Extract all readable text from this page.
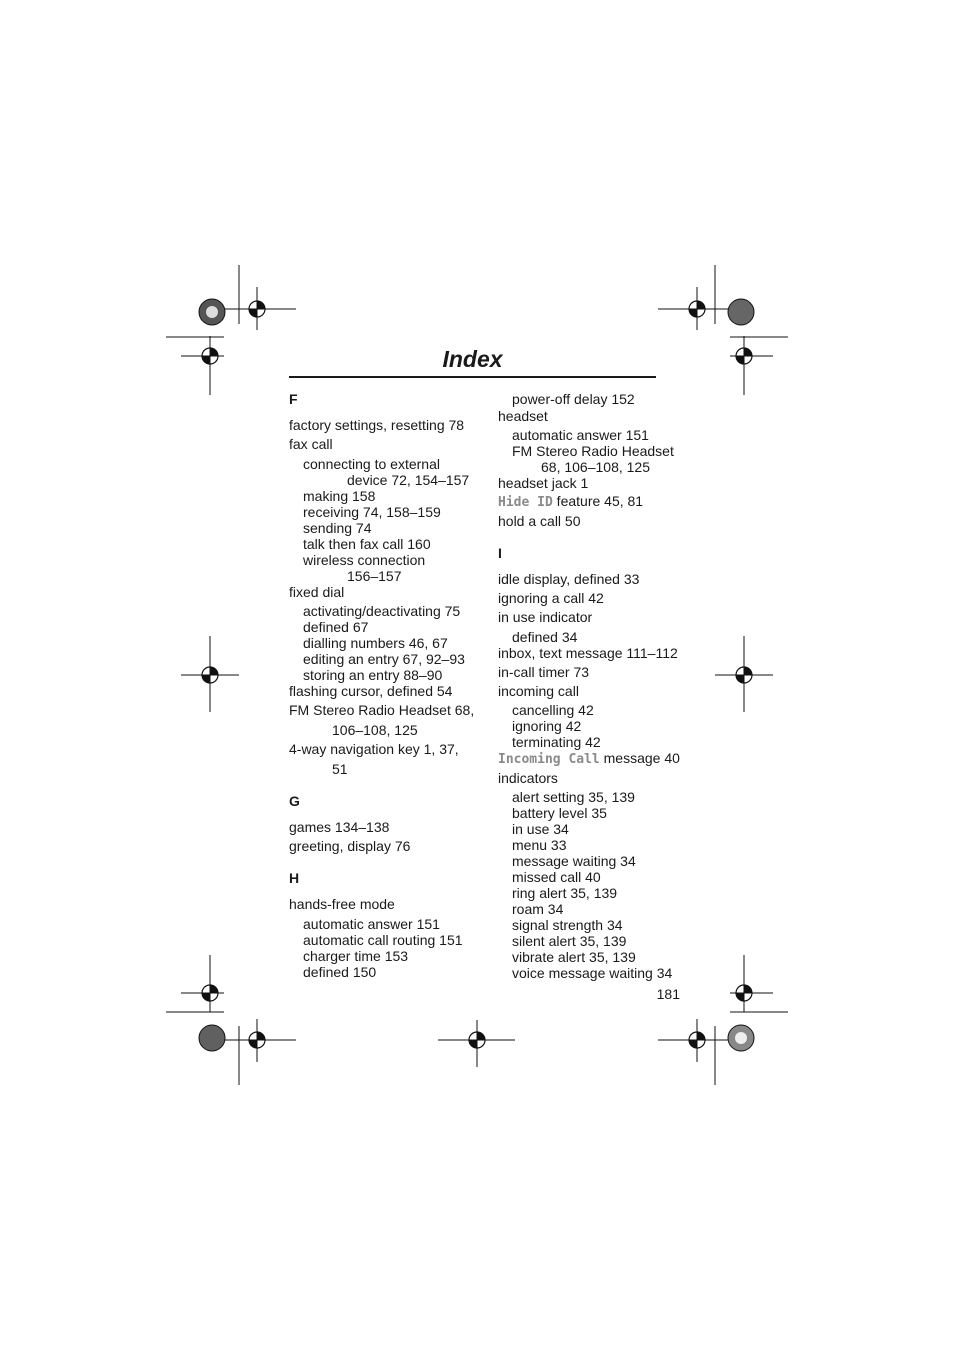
Index
F
factory settings, resetting 78
fax call
connecting to external
device 72, 154–157
making 158
receiving 74, 158–159
sending 74
talk then fax call 160
wireless connection
156–157
fixed dial
activating/deactivating 75
defined 67
dialling numbers 46, 67
editing an entry 67, 92–93
storing an entry 88–90
flashing cursor, defined 54
FM Stereo Radio Headset 68,
106–108, 125
4-way navigation key 1, 37,
51
G
games 134–138
greeting, display 76
H
hands-free mode
automatic answer 151
automatic call routing 151
charger time 153
defined 150
power-off delay 152
headset
automatic answer 151
FM Stereo Radio Headset
68, 106–108, 125
headset jack 1
Hide ID feature 45, 81
hold a call 50
I
idle display, defined 33
ignoring a call 42
in use indicator
defined 34
inbox, text message 111–112
in-call timer 73
incoming call
cancelling 42
ignoring 42
terminating 42
Incoming Call message 40
indicators
alert setting 35, 139
battery level 35
in use 34
menu 33
message waiting 34
missed call 40
ring alert 35, 139
roam 34
signal strength 34
silent alert 35, 139
vibrate alert 35, 139
voice message waiting 34
181
